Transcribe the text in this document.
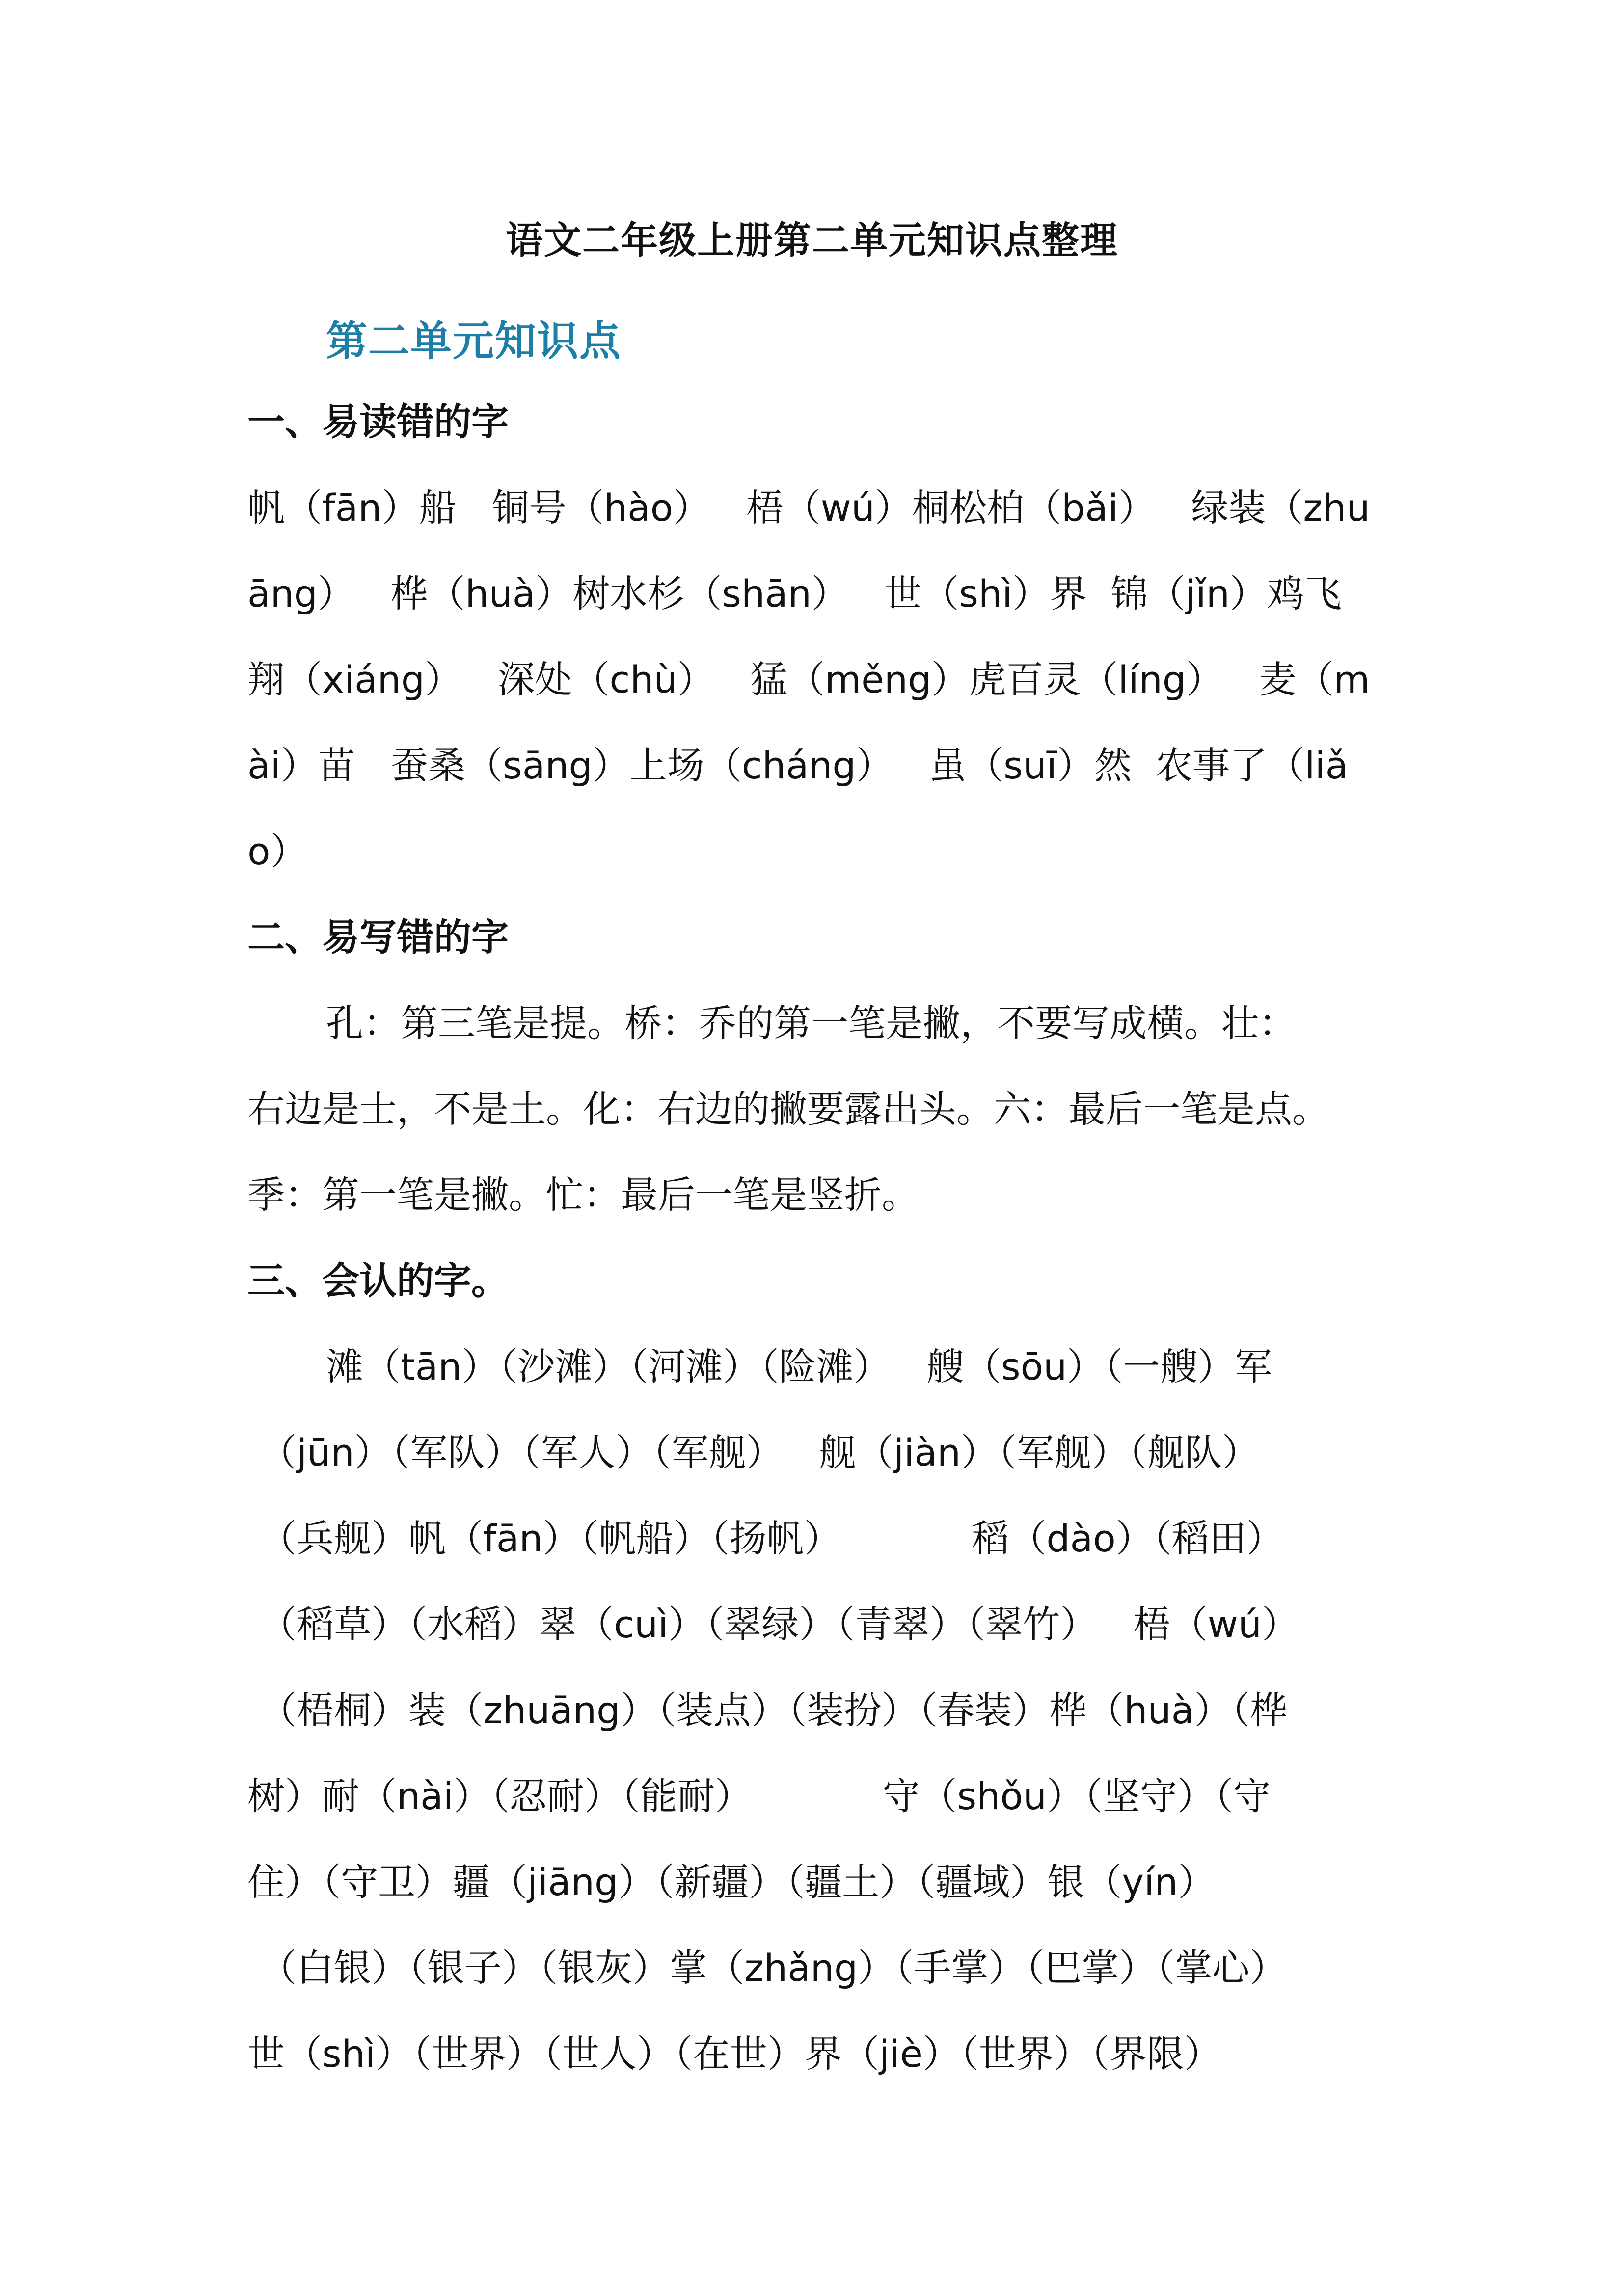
语文二年级上册第二单元知识点整理
第二单元知识点
一、易读错的字
帆（fān）船   铜号（hào）   梧（wú）桐松柏（bǎi）   绿装（zhu
āng）   桦（huà）树水杉（shān）   世（shì）界  锦（jǐn）鸡飞
翔（xiáng）   深处（chù）   猛（měng）虎百灵（líng）   麦（m
ài）苗   蚕桑（sāng）上场（cháng）   虽（suī）然  农事了（liǎ
o）
二、易写错的字
孔：第三笔是提。桥：乔的第一笔是撇，不要写成横。壮：
右边是士，不是土。化：右边的撇要露出头。六：最后一笔是点。
季：第一笔是撇。忙：最后一笔是竖折。
三、会认的字。
滩（tān）（沙滩）（河滩）（险滩）   艘（sōu）（一艘）军
（jūn）（军队）（军人）（军舰）   舰（jiàn）（军舰）（舰队）
（兵舰）帆（fān）（帆船）（扬帆）           稻（dào）（稻田）
（稻草）（水稻）翠（cuì）（翠绿）（青翠）（翠竹）   梧（wú）
（梧桐）装（zhuāng）（装点）（装扮）（春装）桦（huà）（桦
树）耐（nài）（忍耐）（能耐）           守（shǒu）（坚守）（守
住）（守卫）疆（jiāng）（新疆）（疆土）（疆域）银（yín）
（白银）（银子）（银灰）掌（zhǎng）（手掌）（巴掌）（掌心）
世（shì）（世界）（世人）（在世）界（jiè）（世界）（界限）
